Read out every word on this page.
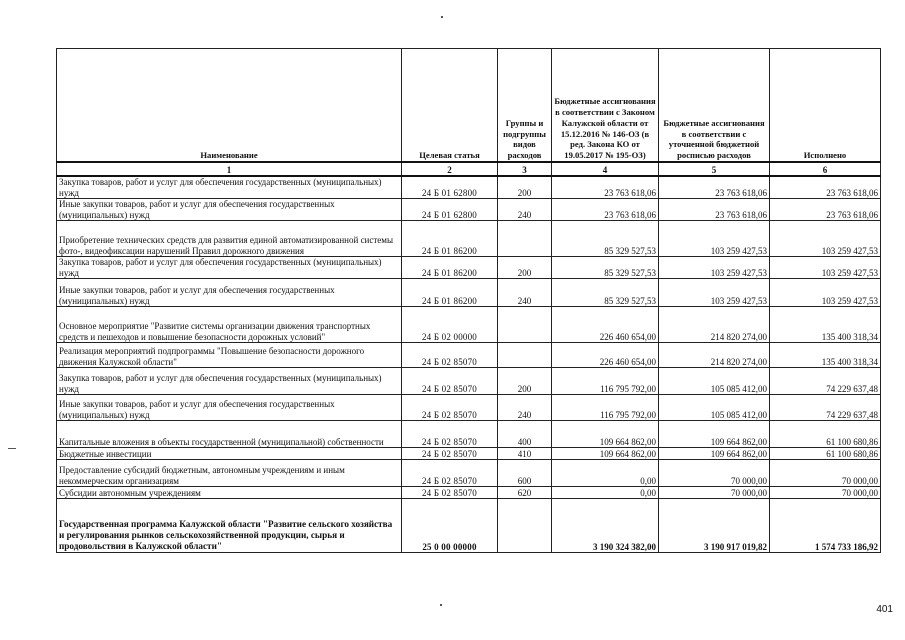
Наименование	Целевая статья	Группы и подгруппы видов расходов	Бюджетные ассигнования в соответствии с Законом Калужской области от 15.12.2016 № 146-ОЗ (в ред. Закона КО от 19.05.2017 № 195-ОЗ)	Бюджетные ассигнования в соответствии с уточненной бюджетной росписью расходов	Исполнено
1	2	3	4	5	6
Закупка товаров, работ и услуг для обеспечения государственных (муниципальных) нужд	24 Б 01 62800	200	23 763 618,06	23 763 618,06	23 763 618,06
Иные закупки товаров, работ и услуг для обеспечения государственных (муниципальных) нужд	24 Б 01 62800	240	23 763 618,06	23 763 618,06	23 763 618,06
Приобретение технических средств для развития единой автоматизированной системы фото-, видеофиксации нарушений Правил дорожного движения	24 Б 01 86200		85 329 527,53	103 259 427,53	103 259 427,53
Закупка товаров, работ и услуг для обеспечения государственных (муниципальных) нужд	24 Б 01 86200	200	85 329 527,53	103 259 427,53	103 259 427,53
Иные закупки товаров, работ и услуг для обеспечения государственных (муниципальных) нужд	24 Б 01 86200	240	85 329 527,53	103 259 427,53	103 259 427,53
Основное мероприятие "Развитие системы организации движения транспортных средств и пешеходов и повышение безопасности дорожных условий"	24 Б 02 00000		226 460 654,00	214 820 274,00	135 400 318,34
Реализация мероприятий подпрограммы "Повышение безопасности дорожного движения Калужской области"	24 Б 02 85070		226 460 654,00	214 820 274,00	135 400 318,34
Закупка товаров, работ и услуг для обеспечения государственных (муниципальных) нужд	24 Б 02 85070	200	116 795 792,00	105 085 412,00	74 229 637,48
Иные закупки товаров, работ и услуг для обеспечения государственных (муниципальных) нужд	24 Б 02 85070	240	116 795 792,00	105 085 412,00	74 229 637,48
Капитальные вложения в объекты государственной (муниципальной) собственности	24 Б 02 85070	400	109 664 862,00	109 664 862,00	61 100 680,86
Бюджетные инвестиции	24 Б 02 85070	410	109 664 862,00	109 664 862,00	61 100 680,86
Предоставление субсидий бюджетным, автономным учреждениям и иным некоммерческим организациям	24 Б 02 85070	600	0,00	70 000,00	70 000,00
Субсидии автономным учреждениям	24 Б 02 85070	620	0,00	70 000,00	70 000,00
Государственная программа Калужской области "Развитие сельского хозяйства и регулирования рынков сельскохозяйственной продукции, сырья и продовольствия в Калужской области"	25 0 00 00000		3 190 324 382,00	3 190 917 019,82	1 574 733 186,92
401
